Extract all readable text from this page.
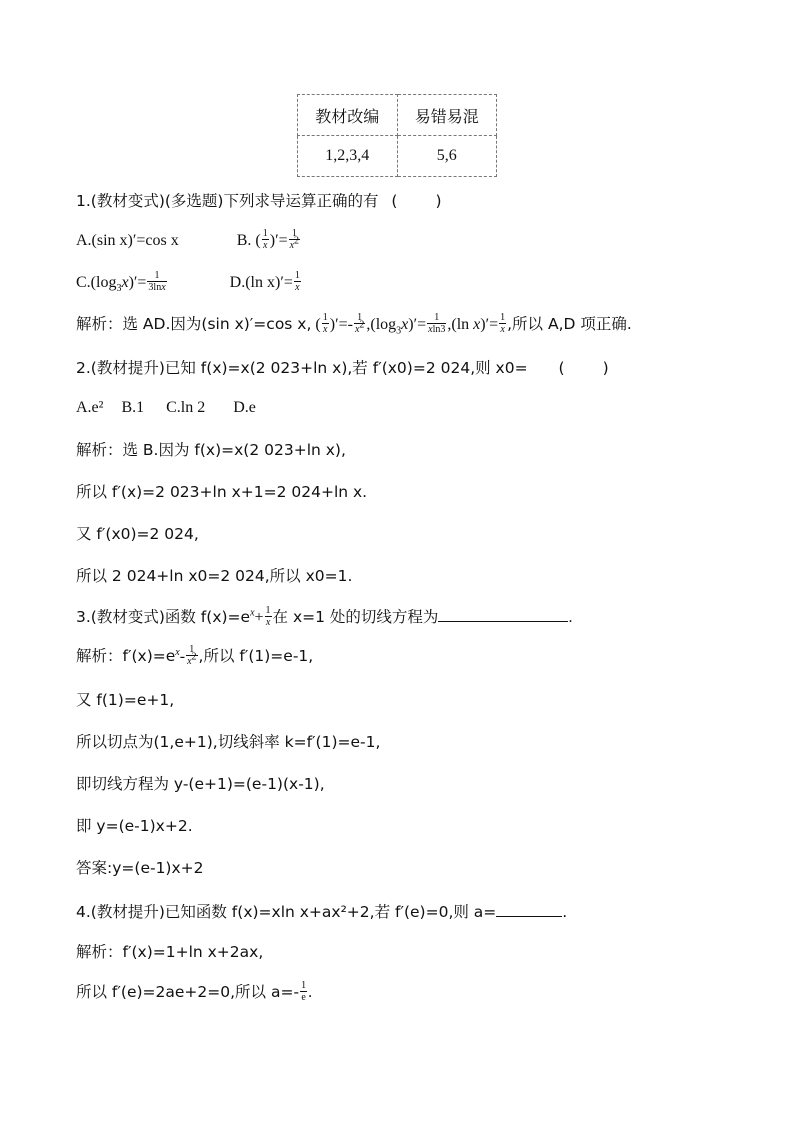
教材改编	易错易混
1,2,3,4	5,6
1.(教材变式)(多选题)下列求导运算正确的有 ( )
A.(sin x)′=cos x	B. ( $\frac{1}{x}$ )′= $\frac{1}{x^2}$
$C.(\log_3x)'= \frac{1}{3\ln x}$	D.(ln $x)'= \frac{1}{x}$
解析：选 AD.因为(sin x)′=cos x, ( $\frac{1}{x}$ )′=- $\frac{1}{x^2} ,(\log_3x)'= \frac{1}{xln3} ,(\ln$ $x)'= \frac{1}{x}$ ,所以 A,D 项正确.
2.(教材提升)已知 f(x)=x(2 023+ln x),若 f′(x0)=2 024,则 x0= ( )
A.e² B.1 C.ln 2 D.e
解析：选 B.因为 f(x)=x(2 023+ln x),
所以 f′(x)=2 023+ln x+1=2 024+ln x.
又 f′(x0)=2 024,
所以 2 024+ln x0=2 024,所以 x0=1.
3.(教材变式)函数 $f(x)=e^x+ \frac{1}{x}$ 在 x=1 处的切线方程为	.
解析：$f'(x)=e^x- \frac{1}{x^2}$ ,所以 f′(1)=e-1,
又 f(1)=e+1,
所以切点为(1,e+1),切线斜率 k=f′(1)=e-1,
即切线方程为 y-(e+1)=(e-1)(x-1),
即 y=(e-1)x+2.
答案:y=(e-1)x+2
4.(教材提升)已知函数 f(x)=xln x+ax²+2,若 f′(e)=0,则 a=	.
解析：f′(x)=1+ln x+2ax,
所以 f′(e)=2ae+2=0,所以 $a=- \frac{1}{e}$ .
